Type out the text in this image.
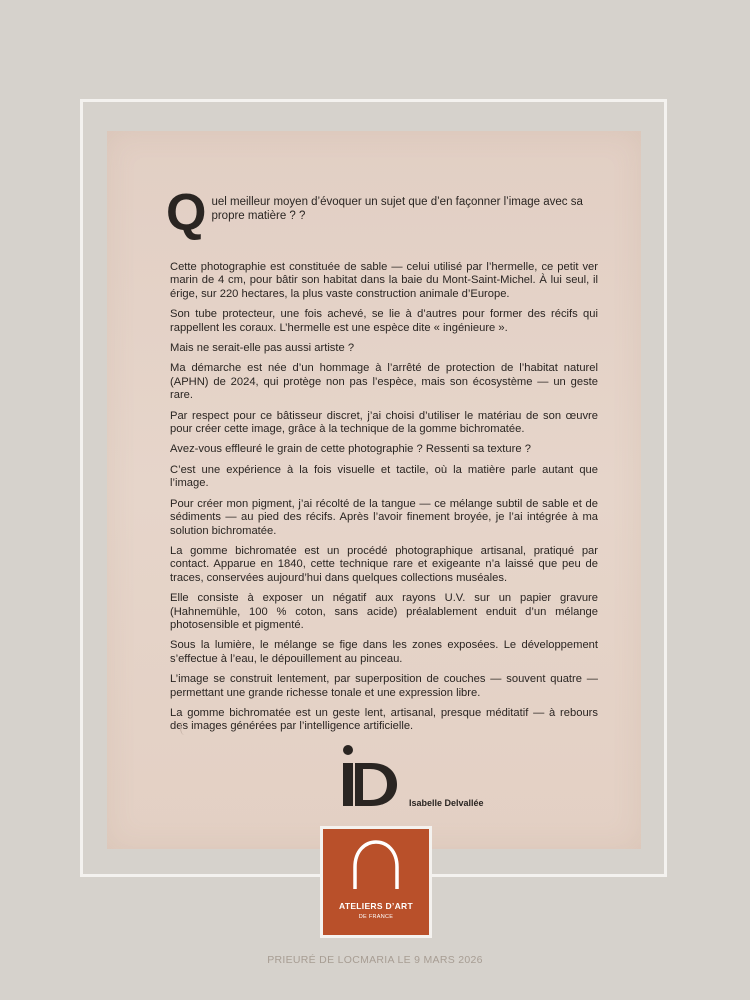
Q uel meilleur moyen d’évoquer un sujet que d’en façonner l’image avec sa propre matière ? ?

Cette photographie est constituée de sable — celui utilisé par l’hermelle, ce petit ver marin de 4 cm, pour bâtir son habitat dans la baie du Mont-Saint-Michel. À lui seul, il érige, sur 220 hectares, la plus vaste construction animale d’Europe.

Son tube protecteur, une fois achevé, se lie à d’autres pour former des récifs qui rappellent les coraux. L’hermelle est une espèce dite « ingénieure ».

Mais ne serait-elle pas aussi artiste ?

Ma démarche est née d’un hommage à l’arrêté de protection de l’habitat naturel (APHN) de 2024, qui protège non pas l’espèce, mais son écosystème — un geste rare.

Par respect pour ce bâtisseur discret, j’ai choisi d’utiliser le matériau de son œuvre pour créer cette image, grâce à la technique de la gomme bichromatée.

Avez-vous effleuré le grain de cette photographie ? Ressenti sa texture ?

C’est une expérience à la fois visuelle et tactile, où la matière parle autant que l’image.

Pour créer mon pigment, j’ai récolté de la tangue — ce mélange subtil de sable et de sédiments — au pied des récifs. Après l’avoir finement broyée, je l’ai intégrée à ma solution bichromatée.

La gomme bichromatée est un procédé photographique artisanal, pratiqué par contact. Apparue en 1840, cette technique rare et exigeante n’a laissé que peu de traces, conservées aujourd’hui dans quelques collections muséales.

Elle consiste à exposer un négatif aux rayons U.V. sur un papier gravure (Hahnemühle, 100 % coton, sans acide) préalablement enduit d’un mélange photosensible et pigmenté.

Sous la lumière, le mélange se fige dans les zones exposées. Le développement s’effectue à l’eau, le dépouillement au pinceau.

L’image se construit lentement, par superposition de couches — souvent quatre — permettant une grande richesse tonale et une expression libre.

La gomme bichromatée est un geste lent, artisanal, presque méditatif — à rebours des images générées par l’intelligence artificielle.

Isabelle Delvallée
ATELIERS D’ART
DE FRANCE
PRIEURÉ DE LOCMARIA LE 9 MARS 2026
